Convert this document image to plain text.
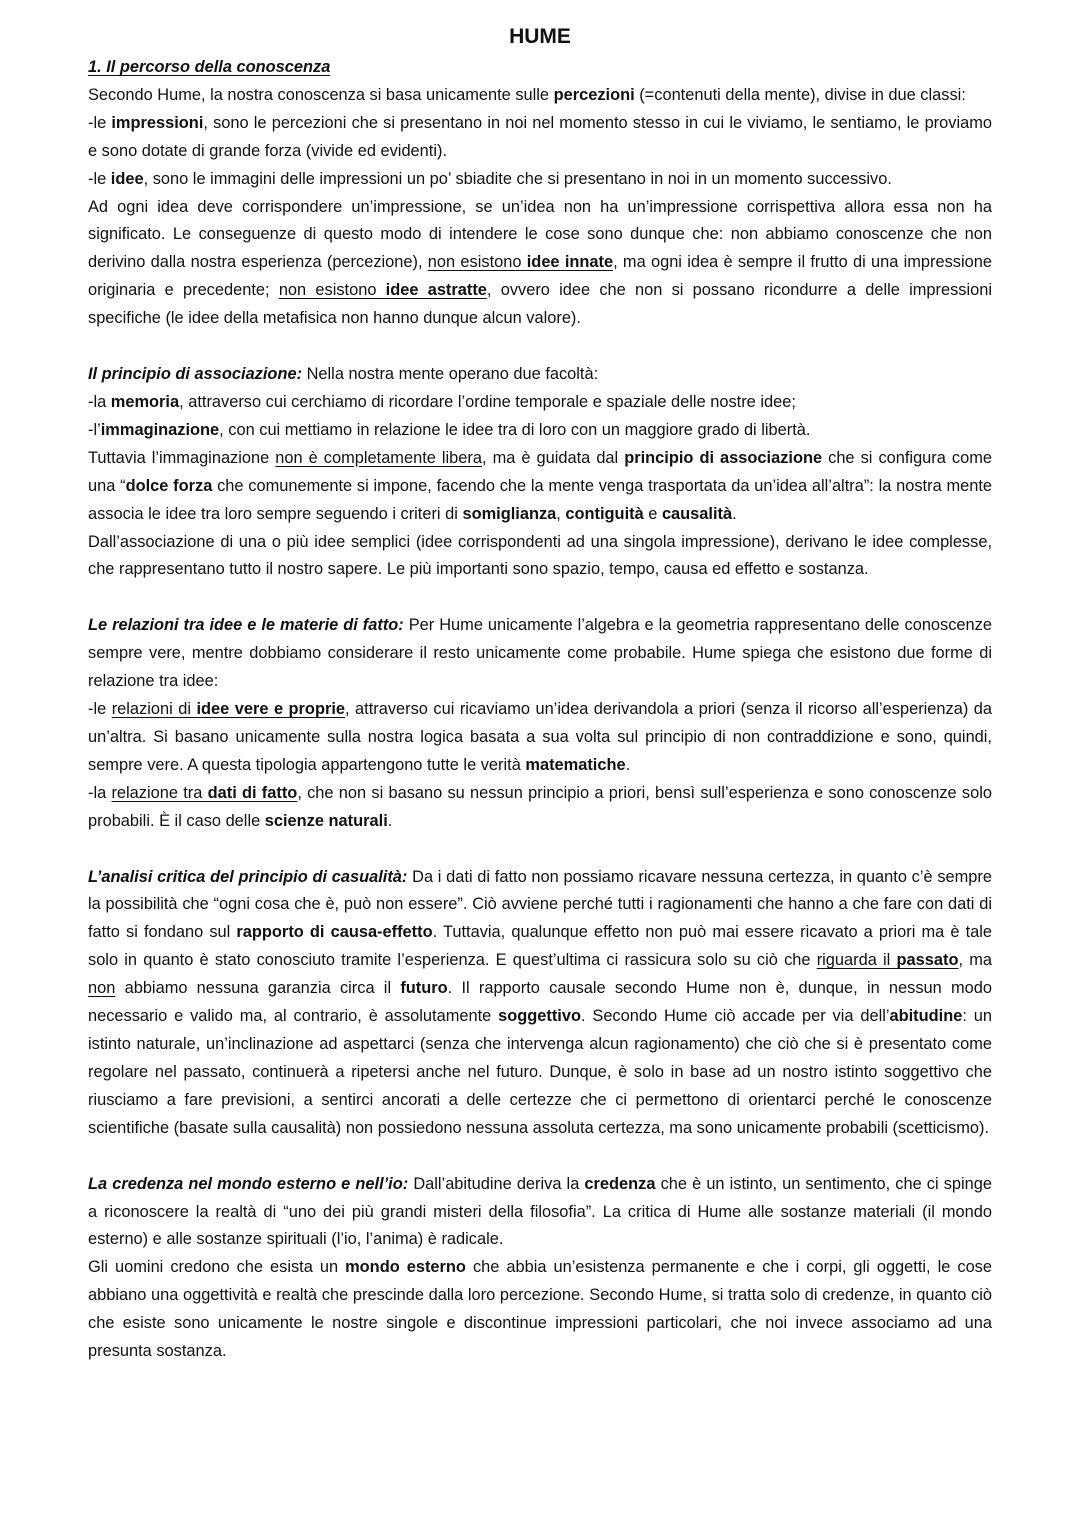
HUME

1. Il percorso della conoscenza

Secondo Hume, la nostra conoscenza si basa unicamente sulle percezioni (=contenuti della mente), divise in due classi:

-le impressioni, sono le percezioni che si presentano in noi nel momento stesso in cui le viviamo, le sentiamo, le proviamo e sono dotate di grande forza (vivide ed evidenti).

-le idee, sono le immagini delle impressioni un po’ sbiadite che si presentano in noi in un momento successivo.

Ad ogni idea deve corrispondere un’impressione, se un’idea non ha un’impressione corrispettiva allora essa non ha significato. Le conseguenze di questo modo di intendere le cose sono dunque che: non abbiamo conoscenze che non derivino dalla nostra esperienza (percezione), non esistono idee innate, ma ogni idea è sempre il frutto di una impressione originaria e precedente; non esistono idee astratte, ovvero idee che non si possano ricondurre a delle impressioni specifiche (le idee della metafisica non hanno dunque alcun valore).

Il principio di associazione: Nella nostra mente operano due facoltà:

-la memoria, attraverso cui cerchiamo di ricordare l’ordine temporale e spaziale delle nostre idee;

-l’immaginazione, con cui mettiamo in relazione le idee tra di loro con un maggiore grado di libertà.

Tuttavia l’immaginazione non è completamente libera, ma è guidata dal principio di associazione che si configura come una “dolce forza che comunemente si impone, facendo che la mente venga trasportata da un’idea all’altra”: la nostra mente associa le idee tra loro sempre seguendo i criteri di somiglianza, contiguità e causalità.

Dall’associazione di una o più idee semplici (idee corrispondenti ad una singola impressione), derivano le idee complesse, che rappresentano tutto il nostro sapere. Le più importanti sono spazio, tempo, causa ed effetto e sostanza.

Le relazioni tra idee e le materie di fatto: Per Hume unicamente l’algebra e la geometria rappresentano delle conoscenze sempre vere, mentre dobbiamo considerare il resto unicamente come probabile. Hume spiega che esistono due forme di relazione tra idee:

-le relazioni di idee vere e proprie, attraverso cui ricaviamo un’idea derivandola a priori (senza il ricorso all’esperienza) da un’altra. Si basano unicamente sulla nostra logica basata a sua volta sul principio di non contraddizione e sono, quindi, sempre vere. A questa tipologia appartengono tutte le verità matematiche.

-la relazione tra dati di fatto, che non si basano su nessun principio a priori, bensì sull’esperienza e sono conoscenze solo probabili. È il caso delle scienze naturali.

L’analisi critica del principio di casualità: Da i dati di fatto non possiamo ricavare nessuna certezza, in quanto c’è sempre la possibilità che “ogni cosa che è, può non essere”. Ciò avviene perché tutti i ragionamenti che hanno a che fare con dati di fatto si fondano sul rapporto di causa-effetto. Tuttavia, qualunque effetto non può mai essere ricavato a priori ma è tale solo in quanto è stato conosciuto tramite l’esperienza. E quest’ultima ci rassicura solo su ciò che riguarda il passato, ma non abbiamo nessuna garanzia circa il futuro. Il rapporto causale secondo Hume non è, dunque, in nessun modo necessario e valido ma, al contrario, è assolutamente soggettivo. Secondo Hume ciò accade per via dell’abitudine: un istinto naturale, un’inclinazione ad aspettarci (senza che intervenga alcun ragionamento) che ciò che si è presentato come regolare nel passato, continuerà a ripetersi anche nel futuro. Dunque, è solo in base ad un nostro istinto soggettivo che riusciamo a fare previsioni, a sentirci ancorati a delle certezze che ci permettono di orientarci perché le conoscenze scientifiche (basate sulla causalità) non possiedono nessuna assoluta certezza, ma sono unicamente probabili (scetticismo).

La credenza nel mondo esterno e nell’io: Dall’abitudine deriva la credenza che è un istinto, un sentimento, che ci spinge a riconoscere la realtà di “uno dei più grandi misteri della filosofia”. La critica di Hume alle sostanze materiali (il mondo esterno) e alle sostanze spirituali (l’io, l’anima) è radicale.

Gli uomini credono che esista un mondo esterno che abbia un’esistenza permanente e che i corpi, gli oggetti, le cose abbiano una oggettività e realtà che prescinde dalla loro percezione. Secondo Hume, si tratta solo di credenze, in quanto ciò che esiste sono unicamente le nostre singole e discontinue impressioni particolari, che noi invece associamo ad una presunta sostanza.
